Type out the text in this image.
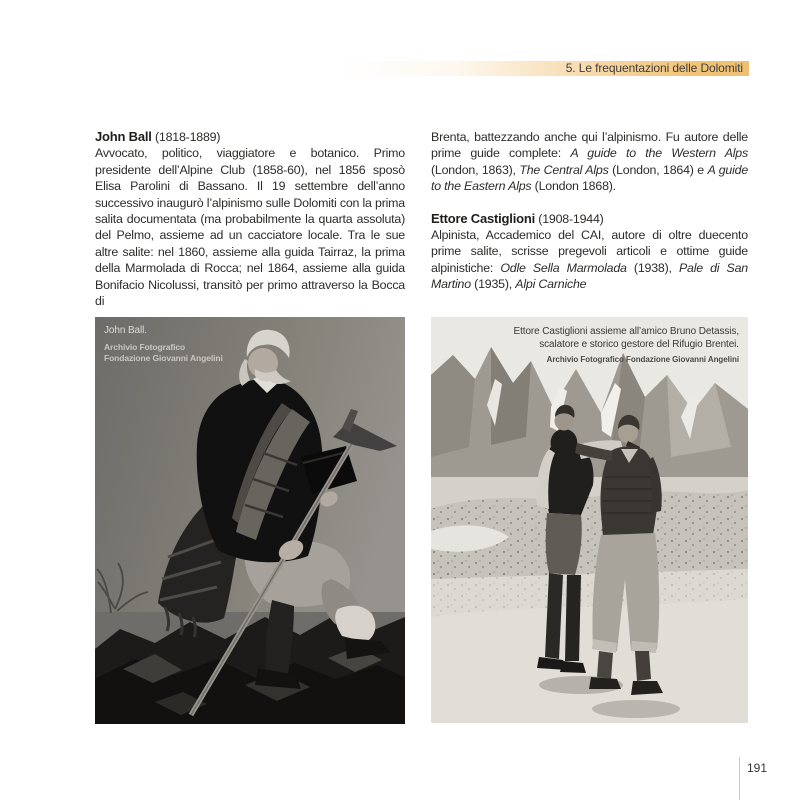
5. Le frequentazioni delle Dolomiti
John Ball (1818-1889)

Avvocato, politico, viaggiatore e botanico. Primo presidente dell’Alpine Club (1858-60), nel 1856 sposò Elisa Parolini di Bassano. Il 19 settembre dell’anno successivo inaugurò l’alpinismo sulle Dolomiti con la prima salita documentata (ma probabilmente la quarta assoluta) del Pelmo, assieme ad un cacciatore locale. Tra le sue altre salite: nel 1860, assieme alla guida Tairraz, la prima della Marmolada di Rocca; nel 1864, assieme alla guida Bonifacio Nicolussi, transitò per primo attraverso la Bocca di

Brenta, battezzando anche qui l’alpinismo. Fu autore delle prime guide complete: A guide to the Western Alps (London, 1863), The Central Alps (London, 1864) e A guide to the Eastern Alps (London 1868).

Ettore Castiglioni (1908-1944)

Alpinista, Accademico del CAI, autore di oltre duecento prime salite, scrisse pregevoli articoli e ottime guide alpinistiche: Odle Sella Marmolada (1938), Pale di San Martino (1935), Alpi Carniche

John Ball.
Archivio Fotografico
Fondazione Giovanni Angelini
Ettore Castiglioni assieme all’amico Bruno Detassis,
scalatore e storico gestore del Rifugio Brentei.
Archivio Fotografico Fondazione Giovanni Angelini
191
